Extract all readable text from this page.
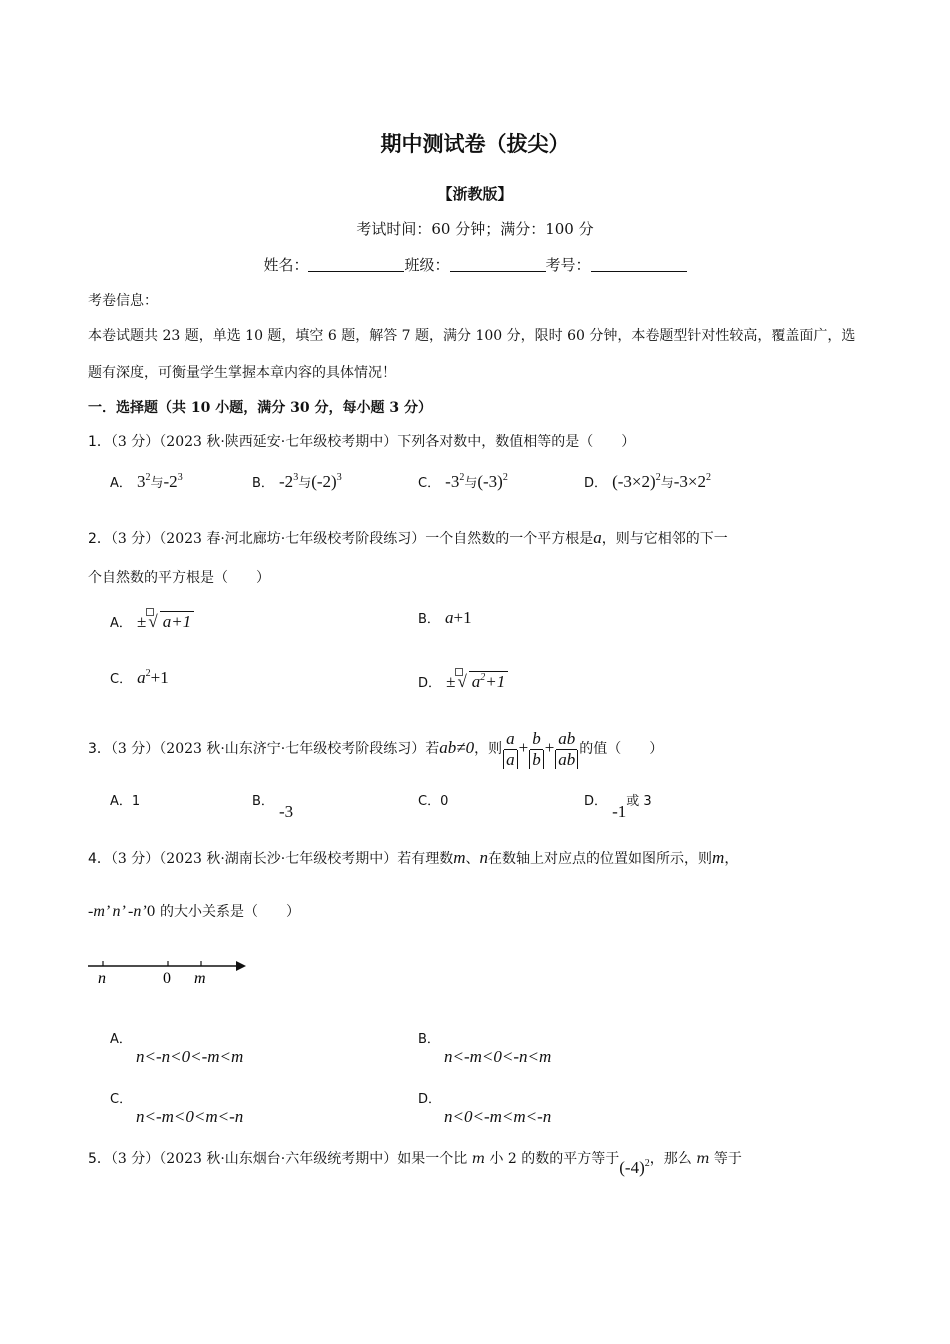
期中测试卷（拔尖）
【浙教版】
考试时间：60 分钟；满分：100 分
姓名：	班级：	考号：
考卷信息：
本卷试题共 23 题，单选 10 题，填空 6 题，解答 7 题，满分 100 分，限时 60 分钟，本卷题型针对性较高，覆盖面广，选题有深度，可衡量学生掌握本章内容的具体情况！
一．选择题（共 10 小题，满分 30 分，每小题 3 分）
1．（3 分）（2023 秋·陕西延安·七年级校考期中）下列各对数中，数值相等的是（　　）
A． $3^2$与$-2^3$	B． $-2^3$与$(-2)^3$	C． $-3^2$与$(-3)^2$	D． $(-3\times 2)^2$与$-3\times 2^2$
2．（3 分）（2023 春·河北廊坊·七年级校考阶段练习）一个自然数的一个平方根是a，则与它相邻的下一
个自然数的平方根是（　　）
A． ± √ a+1	B． a+1
C． $a^2+1$	D． ± √ $a^2+1$
3．（3 分）（2023 秋·山东济宁·七年级校考阶段练习）若ab≠0，则 $\frac{a}{a} + \frac{b}{b} + \frac{ab}{ab}$ 的值（　　）
A．1	B． -3
C．0	D． -1或 3
4．（3 分）（2023 秋·湖南长沙·七年级校考期中）若有理数m、n在数轴上对应点的位置如图所示，则m，
-m’ n’ -n’0 的大小关系是（　　）
n	0 m
A．
n<-n<0<-m<m
B．
n<-m<0<-n<m
C．
n<-m<0<m<-n
D．
n<0<-m<m<-n
5．（3 分）（2023 秋·山东烟台·六年级统考期中）如果一个比 m 小 2 的数的平方等于$(-4)^2$，那么 m 等于
